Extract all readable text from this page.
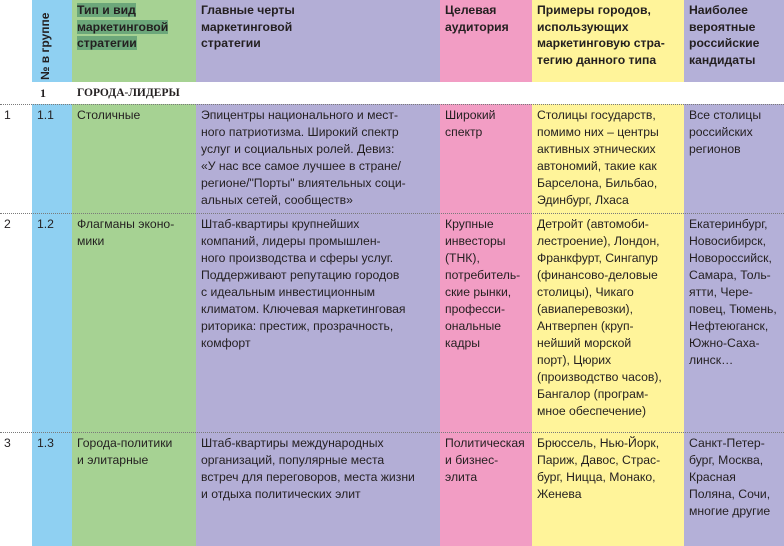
№ в группе
Тип и вид
маркетинговой
стратегии
Главные черты
маркетинговой
стратегии
Целевая
аудитория
Примеры городов,
использующих
маркетинговую стра-
тегию данного типа
Наиболее
вероятные
российские
кандидаты
1	ГОРОДА-ЛИДЕРЫ
1 1.1 Столичные	Эпицентры национального и мест-
ного патриотизма. Широкий спектр
услуг и социальных ролей. Девиз:
«У нас все самое лучшее в стране/
регионе/"Порты" влиятельных соци-
альных сетей, сообществ»
Широкий
спектр
Столицы государств,
помимо них – центры
активных этнических
автономий, такие как
Барселона, Бильбао,
Эдинбург, Лхаса
Все столицы
российских
регионов
2 1.2 Флагманы эконо-
мики
Штаб-квартиры крупнейших
компаний, лидеры промышлен-
ного производства и сферы услуг.
Поддерживают репутацию городов
с идеальным инвестиционным
климатом. Ключевая маркетинговая
риторика: престиж, прозрачность,
комфорт
Крупные
инвесторы
(ТНК),
потребитель-
ские рынки,
професси-
ональные
кадры
Детройт (автомоби-
лестроение), Лондон,
Франкфурт, Сингапур
(финансово-деловые
столицы), Чикаго
(авиаперевозки),
Антверпен (круп-
нейший морской
порт), Цюрих
(производство часов),
Бангалор (програм-
мное обеспечение)
Екатеринбург,
Новосибирск,
Новороссийск,
Самара, Толь-
ятти, Чере-
повец, Тюмень,
Нефтеюганск,
Южно-Саха-
линск…
3 1.3 Города-политики
и элитарные
Штаб-квартиры международных
организаций, популярные места
встреч для переговоров, места жизни
и отдыха политических элит
Политическая
и бизнес-
элита
Брюссель, Нью-Йорк,
Париж, Давос, Страс-
бург, Ницца, Монако,
Женева
Санкт-Петер-
бург, Москва,
Красная
Поляна, Сочи,
многие другие
